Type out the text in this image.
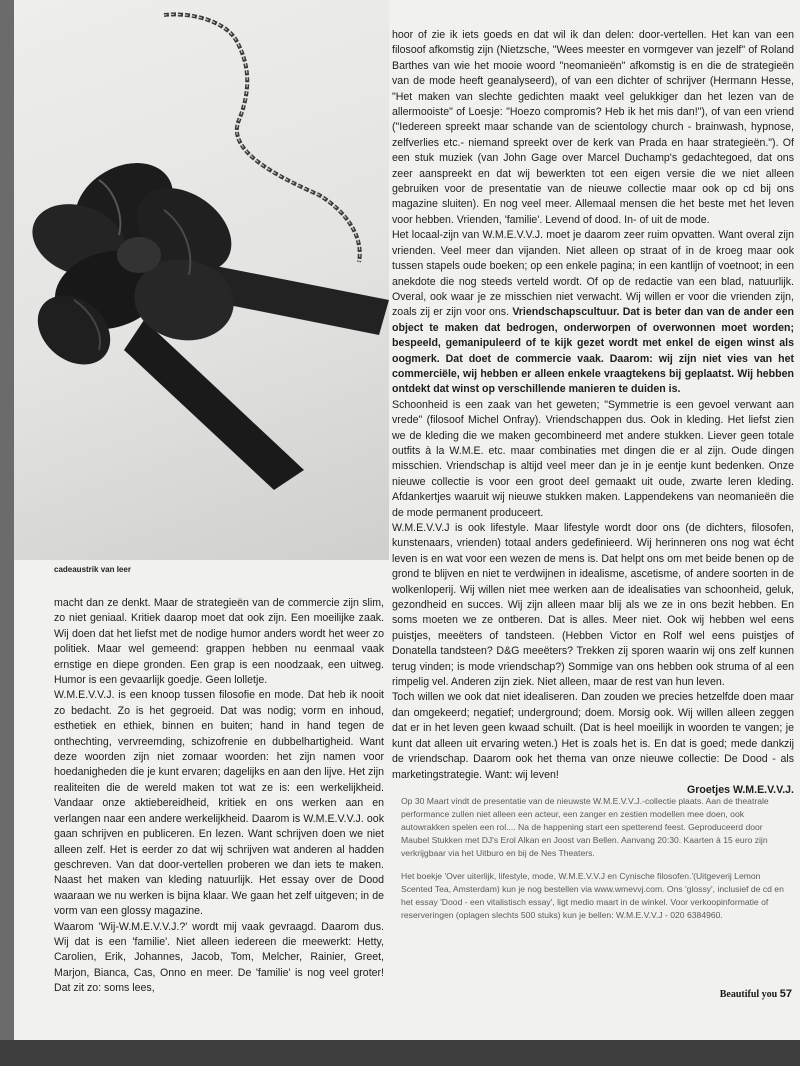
cadeaustrik van leer

hoor of zie ik iets goeds en dat wil ik dan delen: door-vertellen. Het kan van een filosoof afkomstig zijn (Nietzsche, "Wees meester en vormgever van jezelf" of Roland Barthes van wie het mooie woord "neomanieën" afkomstig is en die de strategieën van de mode heeft geanalyseerd), of van een dichter of schrijver (Hermann Hesse, "Het maken van slechte gedichten maakt veel gelukkiger dan het lezen van de allermooiste" of Loesje: "Hoezo compromis? Heb ik het mis dan!"), of van een vriend ("Iedereen spreekt maar schande van de scientology church - brainwash, hypnose, zelfverlies etc.- niemand spreekt over de kerk van Prada en haar strategieën."). Of een stuk muziek (van John Gage over Marcel Duchamp's gedachtegoed, dat ons zeer aanspreekt en dat wij bewerkten tot een eigen versie die we niet alleen gebruiken voor de presentatie van de nieuwe collectie maar ook op cd bij ons magazine sluiten). En nog veel meer. Allemaal mensen die het beste met het leven voor hebben. Vrienden, 'familie'. Levend of dood. In- of uit de mode.

Het locaal-zijn van W.M.E.V.V.J. moet je daarom zeer ruim opvatten. Want overal zijn vrienden. Veel meer dan vijanden. Niet alleen op straat of in de kroeg maar ook tussen stapels oude boeken; op een enkele pagina; in een kantlijn of voetnoot; in een anekdote die nog steeds verteld wordt. Of op de redactie van een blad, natuurlijk. Overal, ook waar je ze misschien niet verwacht. Wij willen er voor die vrienden zijn, zoals zij er zijn voor ons. Vriendschapscultuur. Dat is beter dan van de ander een object te maken dat bedrogen, onderworpen of overwonnen moet worden; bespeeld, gemanipuleerd of te kijk gezet wordt met enkel de eigen winst als oogmerk. Dat doet de commercie vaak. Daarom: wij zijn niet vies van het commerciële, wij hebben er alleen enkele vraagtekens bij geplaatst. Wij hebben ontdekt dat winst op verschillende manieren te duiden is.

Schoonheid is een zaak van het geweten; "Symmetrie is een gevoel verwant aan vrede" (filosoof Michel Onfray). Vriendschappen dus. Ook in kleding. Het liefst zien we de kleding die we maken gecombineerd met andere stukken. Liever geen totale outfits à la W.M.E. etc. maar combinaties met dingen die er al zijn. Oude dingen misschien. Vriendschap is altijd veel meer dan je in je eentje kunt bedenken. Onze nieuwe collectie is voor een groot deel gemaakt uit oude, zwarte leren kleding. Afdankertjes waaruit wij nieuwe stukken maken. Lappendekens van neomanieën die de mode permanent produceert.

W.M.E.V.V.J is ook lifestyle. Maar lifestyle wordt door ons (de dichters, filosofen, kunstenaars, vrienden) totaal anders gedefinieerd. Wij herinneren ons nog wat écht leven is en wat voor een wezen de mens is. Dat helpt ons om met beide benen op de grond te blijven en niet te verdwijnen in idealisme, ascetisme, of andere soorten in de wolkenloperij. Wij willen niet mee werken aan de idealisaties van schoonheid, geluk, gezondheid en succes. Wij zijn alleen maar blij als we ze in ons bezit hebben. En soms moeten we ze ontberen. Dat is alles. Meer niet. Ook wij hebben wel eens puistjes, meeëters of tandsteen. (Hebben Victor en Rolf wel eens puistjes of Donatella tandsteen? D&G meeëters? Trekken zij sporen waarin wij ons zelf kunnen terug vinden; is mode vriendschap?) Sommige van ons hebben ook struma of al een rimpelig vel. Anderen zijn ziek. Niet alleen, maar de rest van hun leven.

Toch willen we ook dat niet idealiseren. Dan zouden we precies hetzelfde doen maar dan omgekeerd; negatief; underground; doem. Morsig ook. Wij willen alleen zeggen dat er in het leven geen kwaad schuilt. (Dat is heel moeilijk in woorden te vangen; je kunt dat alleen uit ervaring weten.) Het is zoals het is. En dat is goed; mede dankzij de vriendschap. Daarom ook het thema van onze nieuwe collectie: De Dood - als marketingstrategie. Want: wij leven!

Groetjes W.M.E.V.V.J.

macht dan ze denkt. Maar de strategieën van de commercie zijn slim, zo niet geniaal. Kritiek daarop moet dat ook zijn. Een moeilijke zaak. Wij doen dat het liefst met de nodige humor anders wordt het weer zo politiek. Maar wel gemeend: grappen hebben nu eenmaal vaak ernstige en diepe gronden. Een grap is een noodzaak, een uitweg. Humor is een gevaarlijk goedje. Geen lolletje.

W.M.E.V.V.J. is een knoop tussen filosofie en mode. Dat heb ik nooit zo bedacht. Zo is het gegroeid. Dat was nodig; vorm en inhoud, esthetiek en ethiek, binnen en buiten; hand in hand tegen de onthechting, vervreemding, schizofrenie en dubbelhartigheid. Want deze woorden zijn niet zomaar woorden: het zijn namen voor hoedanigheden die je kunt ervaren; dagelijks en aan den lijve. Het zijn realiteiten die de wereld maken tot wat ze is: een werkelijkheid. Vandaar onze aktiebereidheid, kritiek en ons werken aan en verlangen naar een andere werkelijkheid. Daarom is W.M.E.V.V.J. ook gaan schrijven en publiceren. En lezen. Want schrijven doen we niet alleen zelf. Het is eerder zo dat wij schrijven wat anderen al hadden geschreven. Van dat door-vertellen proberen we dan iets te maken. Naast het maken van kleding natuurlijk. Het essay over de Dood waaraan we nu werken is bijna klaar. We gaan het zelf uitgeven; in de vorm van een glossy magazine.

Waarom 'Wij-W.M.E.V.V.J.?' wordt mij vaak gevraagd. Daarom dus. Wij dat is een 'familie'. Niet alleen iedereen die meewerkt: Hetty, Carolien, Erik, Johannes, Jacob, Tom, Melcher, Rainier, Greet, Marjon, Bianca, Cas, Onno en meer. De 'familie' is nog veel groter! Dat zit zo: soms lees,

Op 30 Maart vindt de presentatie van de nieuwste W.M.E.V.V.J.-collectie plaats. Aan de theatrale performance zullen niet alleen een acteur, een zanger en zestien modellen mee doen, ook autowrakken spelen een rol.... Na de happening start een spetterend feest. Geproduceerd door Maubel Stukken met DJ's Erol Alkan en Joost van Bellen. Aanvang 20:30. Kaarten à 15 euro zijn verkrijgbaar via het Uitburo en bij de Nes Theaters.

Het boekje 'Over uiterlijk, lifestyle, mode, W.M.E.V.V.J en Cynische filosofen.'(Uitgeverij Lemon Scented Tea, Amsterdam) kun je nog bestellen via www.wmevvj.com. Ons 'glossy', inclusief de cd en het essay 'Dood - een vitalistisch essay', ligt medio maart in de winkel. Voor verkoopinformatie of reserveringen (oplagen slechts 500 stuks) kun je bellen: W.M.E.V.V.J - 020 6384960.

Beautiful you 57
